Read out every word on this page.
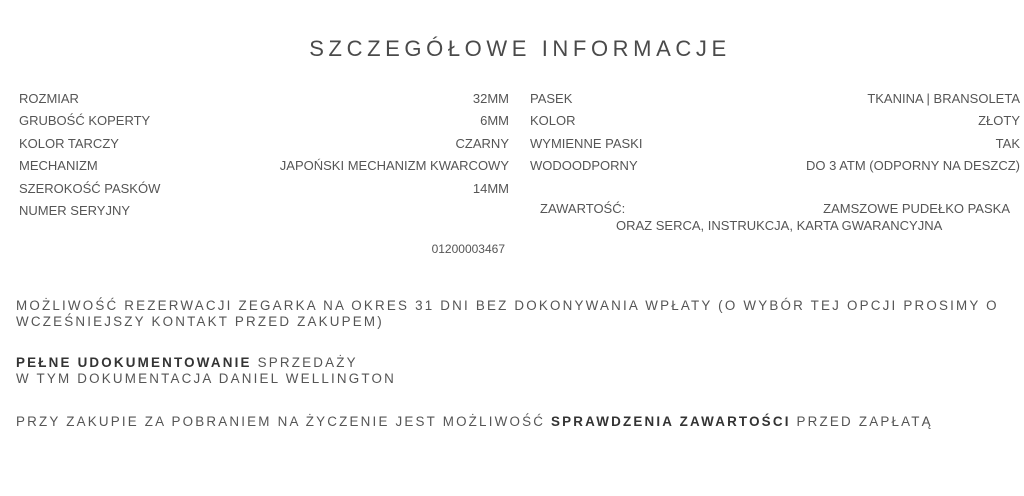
SZCZEGÓŁOWE INFORMACJE
ROZMIAR	32MM
GRUBOŚĆ KOPERTY	6MM
KOLOR TARCZY	CZARNY
MECHANIZM	JAPOŃSKI MECHANIZM KWARCOWY
SZEROKOŚĆ PASKÓW	14MM
NUMER SERYJNY
01200003467
PASEK	TKANINA | BRANSOLETA
KOLOR	ZŁOTY
WYMIENNE PASKI	TAK
WODOODPORNY	DO 3 ATM (ODPORNY NA DESZCZ)
ZAWARTOŚĆ:	ZAMSZOWE PUDEŁKO PASKA
ORAZ SERCA, INSTRUKCJA, KARTA GWARANCYJNA
MOŻLIWOŚĆ REZERWACJI ZEGARKA NA OKRES 31 DNI BEZ DOKONYWANIA WPŁATY (O WYBÓR TEJ OPCJI PROSIMY O
WCZEŚNIEJSZY KONTAKT PRZED ZAKUPEM)
PEŁNE UDOKUMENTOWANIE SPRZEDAŻY
W TYM DOKUMENTACJA DANIEL WELLINGTON
PRZY ZAKUPIE ZA POBRANIEM NA ŻYCZENIE JEST MOŻLIWOŚĆ SPRAWDZENIA ZAWARTOŚCI PRZED ZAPŁATĄ
